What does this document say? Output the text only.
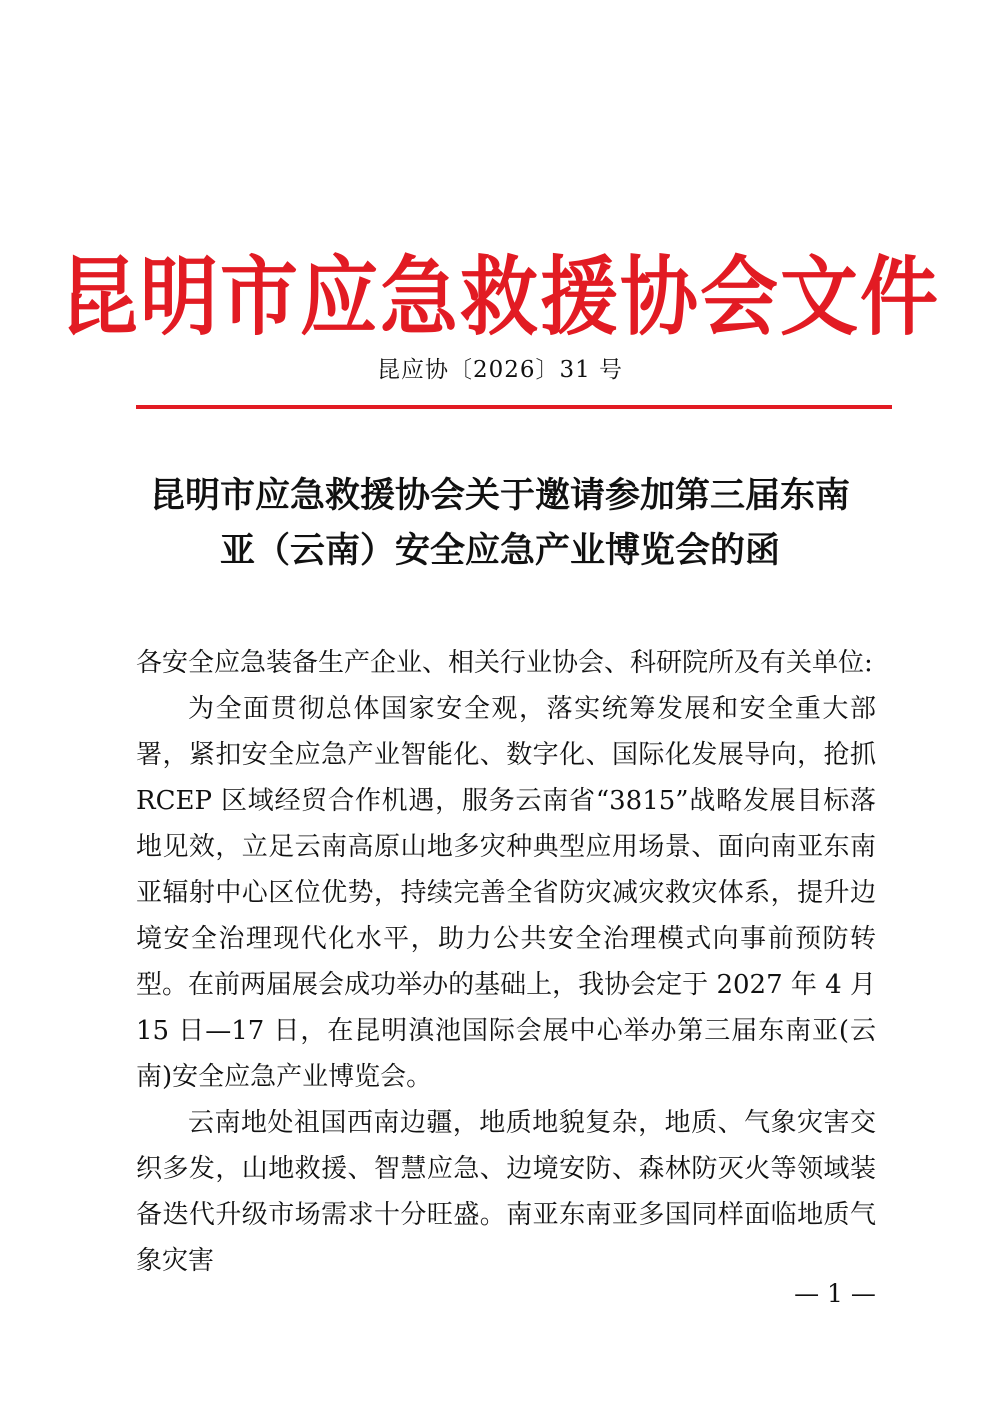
昆明市应急救援协会文件
昆应协〔2026〕31 号
昆明市应急救援协会关于邀请参加第三届东南
亚（云南）安全应急产业博览会的函

各安全应急装备生产企业、相关行业协会、科研院所及有关单位:

为全面贯彻总体国家安全观，落实统筹发展和安全重大部署，紧扣安全应急产业智能化、数字化、国际化发展导向，抢抓 RCEP 区域经贸合作机遇，服务云南省“3815”战略发展目标落地见效，立足云南高原山地多灾种典型应用场景、面向南亚东南亚辐射中心区位优势，持续完善全省防灾减灾救灾体系，提升边境安全治理现代化水平，助力公共安全治理模式向事前预防转型。在前两届展会成功举办的基础上，我协会定于 2027 年 4 月 15 日—17 日，在昆明滇池国际会展中心举办第三届东南亚(云南)安全应急产业博览会。

云南地处祖国西南边疆，地质地貌复杂，地质、气象灾害交织多发，山地救援、智慧应急、边境安防、森林防灭火等领域装备迭代升级市场需求十分旺盛。南亚东南亚多国同样面临地质气象灾害

— 1 —
